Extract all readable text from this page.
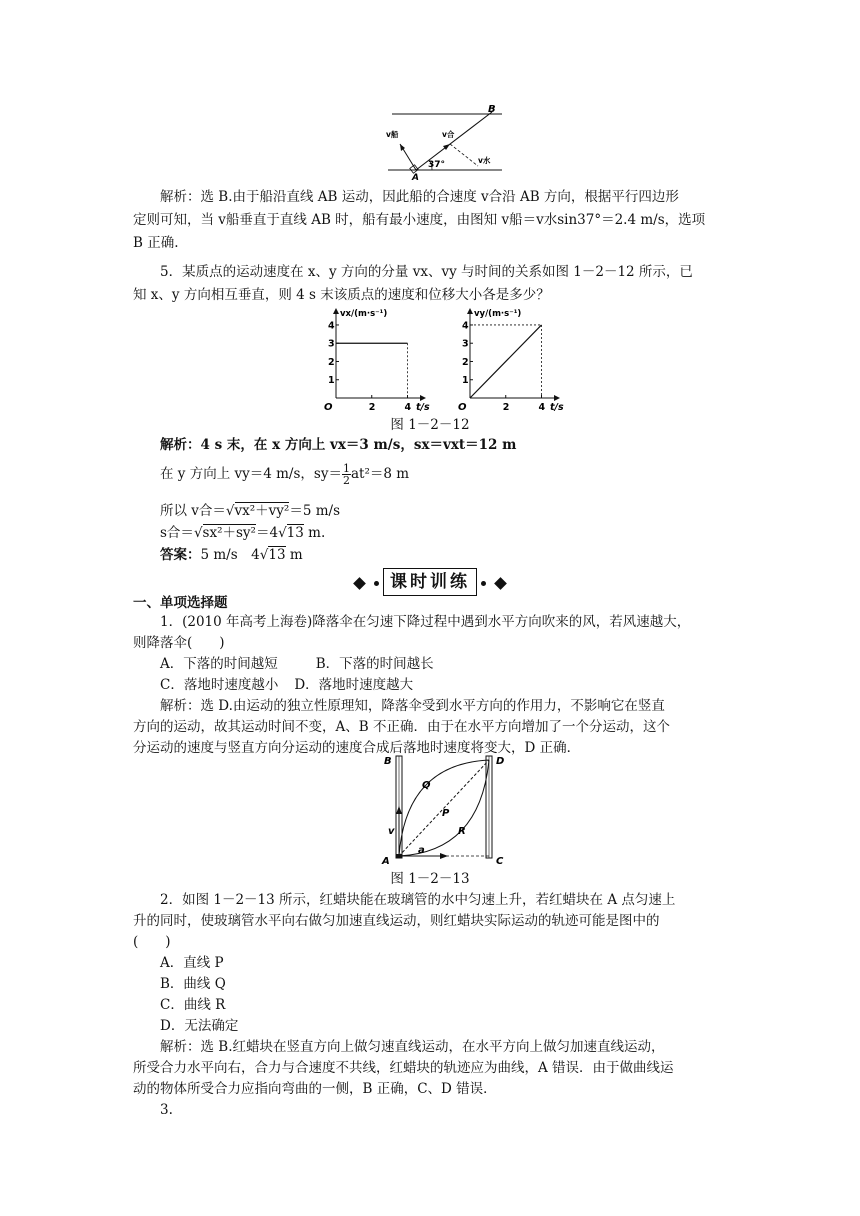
B
v船	v合
v水
37°
A
解析：选 B.由于船沿直线 AB 运动，因此船的合速度 v合沿 AB 方向，根据平行四边形
定则可知，当 v船垂直于直线 AB 时，船有最小速度，由图知 v船＝v水sin37°＝2.4 m/s，选项
B 正确.
5．某质点的运动速度在 x、y 方向的分量 vx、vy 与时间的关系如图 1－2－12 所示，已
知 x、y 方向相互垂直，则 4 s 末该质点的速度和位移大小各是多少？
1
2
3
4
2	4
O	t/s
vx/(m·s⁻¹)
1
2
3
4
2	4
O	t/s
vy/(m·s⁻¹)
图 1－2－12
解析：4 s 末，在 x 方向上 vx＝3 m/s，sx＝vxt＝12 m
在 y 方向上 vy＝4 m/s，$sy= \frac{1}{2} at^2=8$ m
所以 v合＝√vx²＋vy²＝5 m/s
s合＝√sx²＋sy²＝4√13 m.
答案：5 m/s　4√13 m
课时训练
一、单项选择题
1．(2010 年高考上海卷)降落伞在匀速下降过程中遇到水平方向吹来的风，若风速越大，
则降落伞(　　)
A．下落的时间越短	B．下落的时间越长
C．落地时速度越小 D．落地时速度越大
解析：选 D.由运动的独立性原理知，降落伞受到水平方向的作用力，不影响它在竖直
方向的运动，故其运动时间不变，A、B 不正确．由于在水平方向增加了一个分运动，这个
分运动的速度与竖直方向分运动的速度合成后落地时速度将变大，D 正确．
B	D
Q
P
R
v
A
a
C
图 1－2－13
2．如图 1－2－13 所示，红蜡块能在玻璃管的水中匀速上升，若红蜡块在 A 点匀速上
升的同时，使玻璃管水平向右做匀加速直线运动，则红蜡块实际运动的轨迹可能是图中的
(　　)
A．直线 P
B．曲线 Q
C．曲线 R
D．无法确定
解析：选 B.红蜡块在竖直方向上做匀速直线运动，在水平方向上做匀加速直线运动，
所受合力水平向右，合力与合速度不共线，红蜡块的轨迹应为曲线，A 错误．由于做曲线运
动的物体所受合力应指向弯曲的一侧，B 正确，C、D 错误．
3.
